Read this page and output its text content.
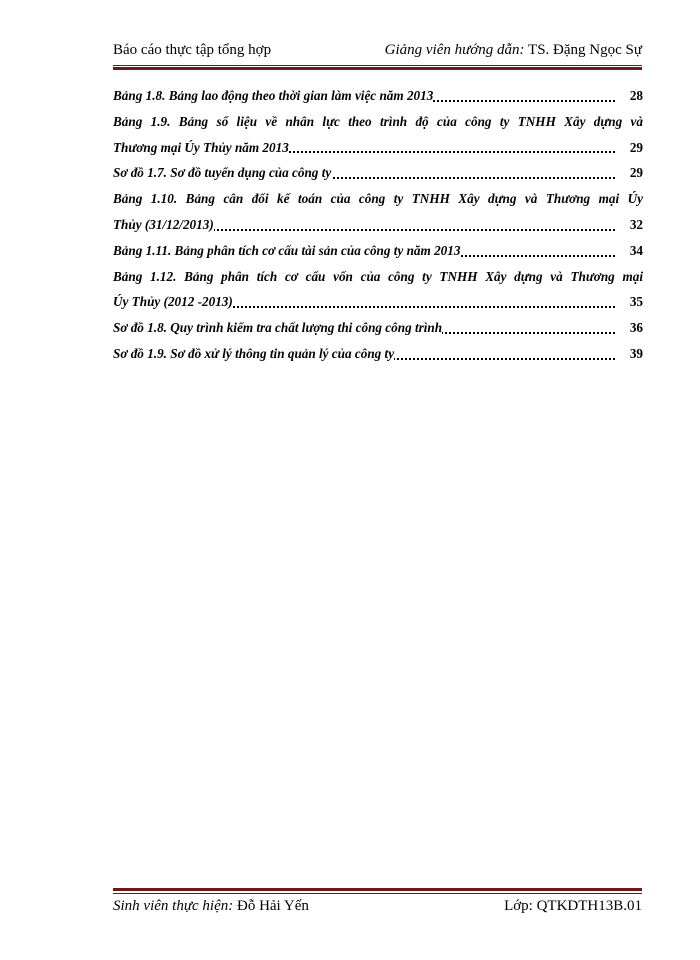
Báo cáo thực tập tổng hợp	Giảng viên hướng dẫn: TS. Đặng Ngọc Sự
Bảng 1.8. Bảng lao động theo thời gian làm việc năm 2013	28
Bảng 1.9. Bảng số liệu về nhân lực theo trình độ của công ty TNHH Xây dựng và
Thương mại Úy Thủy năm 2013	29
Sơ đồ 1.7. Sơ đồ tuyển dụng của công ty	29
Bảng 1.10. Bảng cân đối kế toán của công ty TNHH Xây dựng và Thương mại Úy
Thủy (31/12/2013)	32
Bảng 1.11. Bảng phân tích cơ cấu tài sản của công ty năm 2013	34
Bảng 1.12. Bảng phân tích cơ cấu vốn của công ty TNHH Xây dựng và Thương mại
Úy Thủy (2012 -2013)	35
Sơ đồ 1.8. Quy trình kiểm tra chất lượng thi công công trình	36
Sơ đồ 1.9. Sơ đồ xử lý thông tin quản lý của công ty	39
Sinh viên thực hiện: Đỗ Hải Yến	Lớp: QTKDTH13B.01
